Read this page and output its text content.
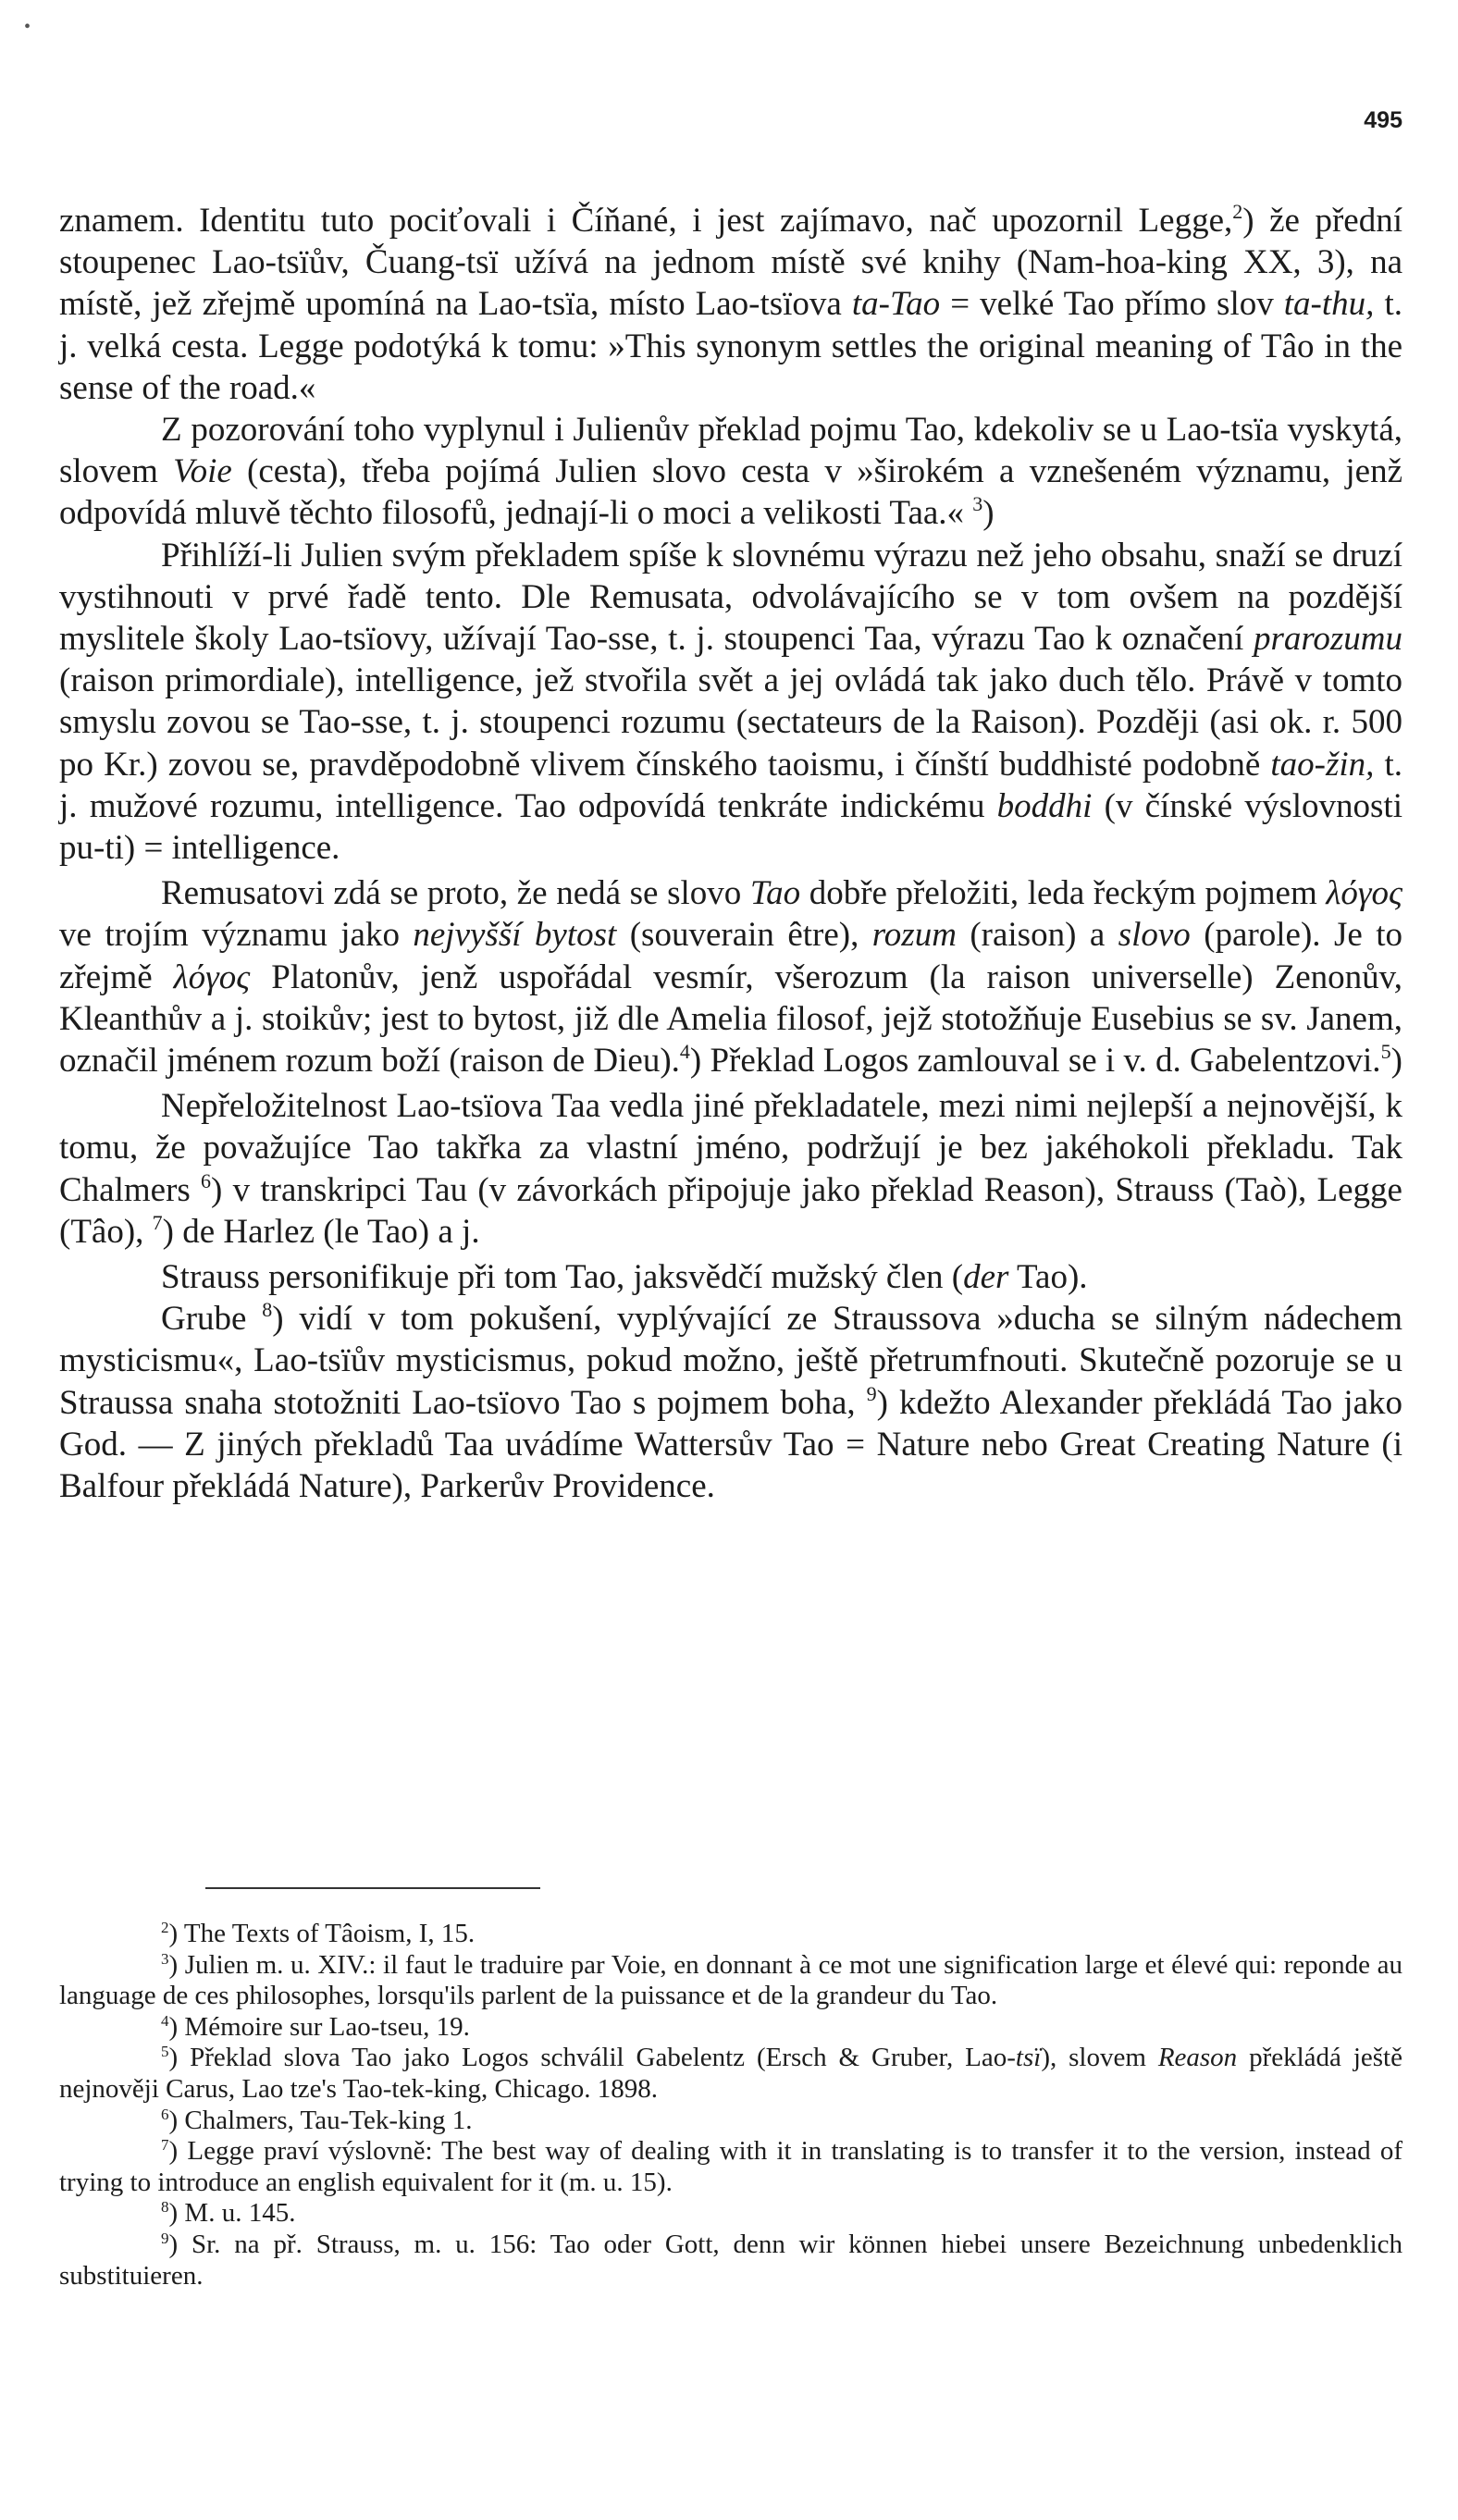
•
495

znamem. Identitu tuto pociťovali i Číňané, i jest zajímavo, nač upozornil Legge,$^2$) že přední stoupenec Lao-tsïův, Čuang-tsï užívá na jednom místě své knihy (Nam-hoa-king XX, 3), na místě, jež zřejmě upomíná na Lao-tsïa, místo Lao-tsïova ta-Tao = velké Tao přímo slov ta-thu, t. j. velká cesta. Legge podotýká k tomu: »This synonym settles the original meaning of Tâo in the sense of the road.«

Z pozorování toho vyplynul i Julienův překlad pojmu Tao, kdekoliv se u Lao-tsïa vyskytá, slovem Voie (cesta), třeba pojímá Julien slovo cesta v »širokém a vznešeném významu, jenž odpovídá mluvě těchto filosofů, jednají-li o moci a velikosti Taa.« $^3$)

Přihlíží-li Julien svým překladem spíše k slovnému výrazu než jeho obsahu, snaží se druzí vystihnouti v prvé řadě tento. Dle Remusata, odvolávajícího se v tom ovšem na pozdější myslitele školy Lao-tsïovy, užívají Tao-sse, t. j. stoupenci Taa, výrazu Tao k označení prarozumu (raison primordiale), intelligence, jež stvořila svět a jej ovládá tak jako duch tělo. Právě v tomto smyslu zovou se Tao-sse, t. j. stoupenci rozumu (sectateurs de la Raison). Později (asi ok. r. 500 po Kr.) zovou se, pravděpodobně vlivem čínského taoismu, i čínští buddhisté podobně tao-žin, t. j. mužové rozumu, intelligence. Tao odpovídá tenkráte indickému boddhi (v čínské výslovnosti pu-ti) = intelligence.

Remusatovi zdá se proto, že nedá se slovo Tao dobře přeložiti, leda řeckým pojmem λόγος ve trojím významu jako nejvyšší bytost (souverain être), rozum (raison) a slovo (parole). Je to zřejmě λόγος Platonův, jenž uspořádal vesmír, všerozum (la raison universelle) Zenonův, Kleanthův a j. stoikův; jest to bytost, již dle Amelia filosof, jejž stotožňuje Eusebius se sv. Janem, označil jménem rozum boží (raison de Dieu).$^4$) Překlad Logos zamlouval se i v. d. Gabelentzovi.$^5$)

Nepřeložitelnost Lao-tsïova Taa vedla jiné překladatele, mezi nimi nejlepší a nejnovější, k tomu, že považujíce Tao takřka za vlastní jméno, podržují je bez jakéhokoli překladu. Tak Chalmers $^6$) v transkripci Tau (v závorkách připojuje jako překlad Reason), Strauss (Taò), Legge (Tâo), $^7$) de Harlez (le Tao) a j.

Strauss personifikuje při tom Tao, jaksvědčí mužský člen (der Tao).

Grube $^8$) vidí v tom pokušení, vyplývající ze Straussova »ducha se silným nádechem mysticismu«, Lao-tsïův mysticismus, pokud možno, ještě přetrumfnouti. Skutečně pozoruje se u Straussa snaha stotožniti Lao-tsïovo Tao s pojmem boha, $^9$) kdežto Alexander překládá Tao jako God. — Z jiných překladů Taa uvádíme Wattersův Tao = Nature nebo Great Creating Nature (i Balfour překládá Nature), Parkerův Providence.

$^2$) The Texts of Tâoism, I, 15.

$^3$) Julien m. u. XIV.: il faut le traduire par Voie, en donnant à ce mot une signification large et élevé qui: reponde au language de ces philosophes, lorsqu'ils parlent de la puissance et de la grandeur du Tao.

$^4$) Mémoire sur Lao-tseu, 19.

$^5$) Překlad slova Tao jako Logos schválil Gabelentz (Ersch & Gruber, Lao-tsï), slovem Reason překládá ještě nejnověji Carus, Lao tze's Tao-tek-king, Chicago. 1898.

$^6$) Chalmers, Tau-Tek-king 1.

$^7$) Legge praví výslovně: The best way of dealing with it in translating is to transfer it to the version, instead of trying to introduce an english equivalent for it (m. u. 15).

$^8$) M. u. 145.

$^9$) Sr. na př. Strauss, m. u. 156: Tao oder Gott, denn wir können hiebei unsere Bezeichnung unbedenklich substituieren.
